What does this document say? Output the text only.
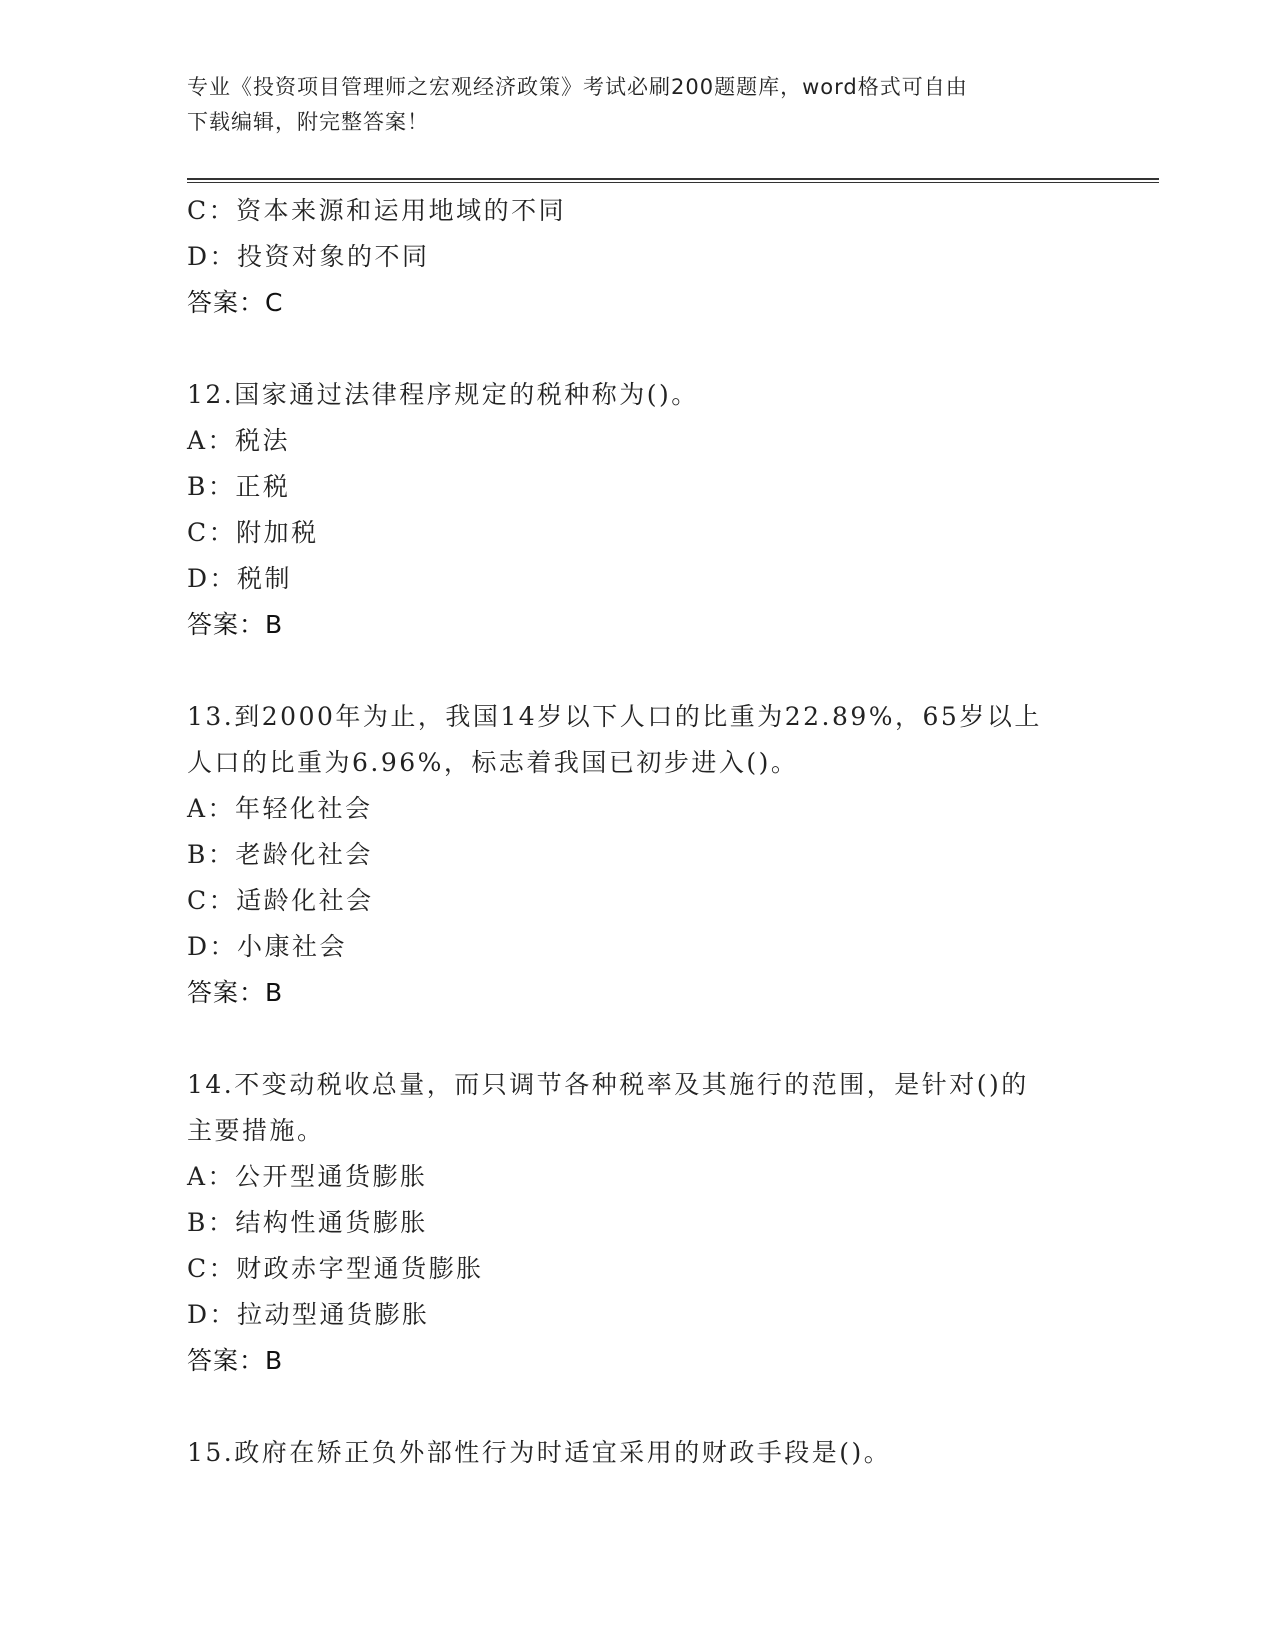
专业《投资项目管理师之宏观经济政策》考试必刷200题题库，word格式可自由
下载编辑，附完整答案！
C：资本来源和运用地域的不同
D：投资对象的不同
答案：C
12.国家通过法律程序规定的税种称为()。
A：税法
B：正税
C：附加税
D：税制
答案：B
13.到2000年为止，我国14岁以下人口的比重为22.89%，65岁以上
人口的比重为6.96%，标志着我国已初步进入()。
A：年轻化社会
B：老龄化社会
C：适龄化社会
D：小康社会
答案：B
14.不变动税收总量，而只调节各种税率及其施行的范围，是针对()的
主要措施。
A：公开型通货膨胀
B：结构性通货膨胀
C：财政赤字型通货膨胀
D：拉动型通货膨胀
答案：B
15.政府在矫正负外部性行为时适宜采用的财政手段是()。
